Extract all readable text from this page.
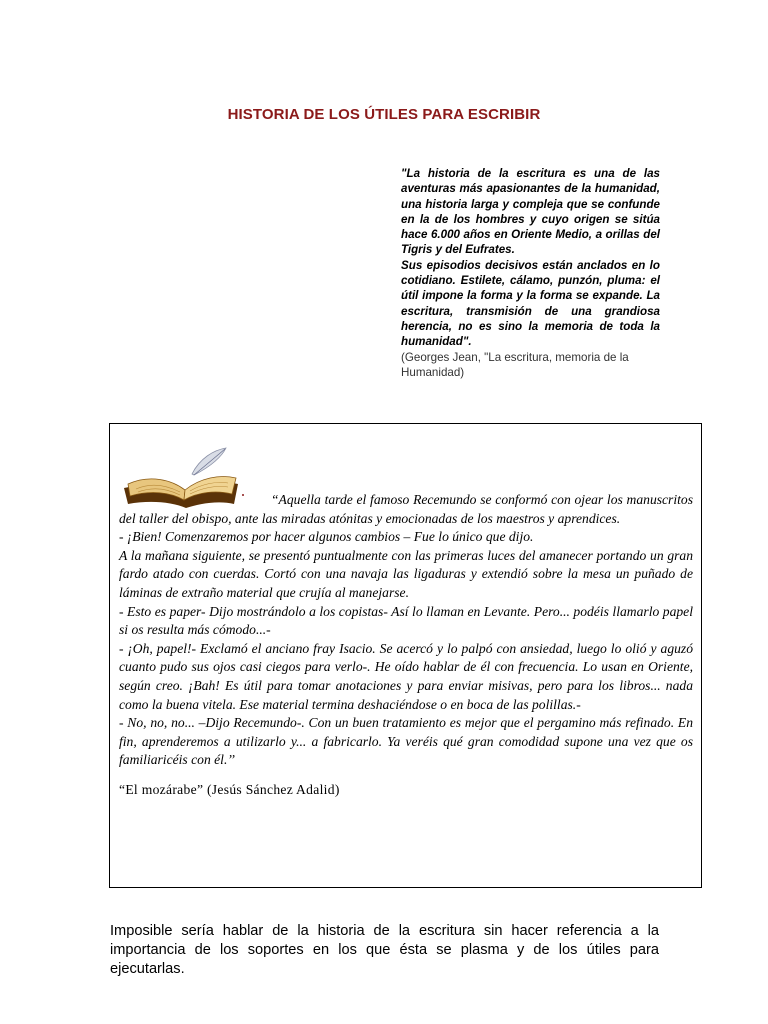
HISTORIA DE LOS ÚTILES PARA ESCRIBIR

"La historia de la escritura es una de las aventuras más apasionantes de la humanidad, una historia larga y compleja que se confunde en la de los hombres y cuyo origen se sitúa hace 6.000 años en Oriente Medio, a orillas del Tigris y del Eufrates.

Sus episodios decisivos están anclados en lo cotidiano. Estilete, cálamo, punzón, pluma: el útil impone la forma y la forma se expande. La escritura, transmisión de una grandiosa herencia, no es sino la memoria de toda la humanidad".

(Georges Jean, "La escritura, memoria de la Humanidad)

“Aquella tarde el famoso Recemundo se conformó con ojear los manuscritos del taller del obispo, ante las miradas atónitas y emocionadas de los maestros y aprendices.

- ¡Bien! Comenzaremos por hacer algunos cambios – Fue lo único que dijo.

A la mañana siguiente, se presentó puntualmente con las primeras luces del amanecer portando un gran fardo atado con cuerdas. Cortó con una navaja las ligaduras y extendió sobre la mesa un puñado de láminas de extraño material que crujía al manejarse.

- Esto es paper- Dijo mostrándolo a los copistas- Así lo llaman en Levante. Pero... podéis llamarlo papel si os resulta más cómodo...-

- ¡Oh, papel!- Exclamó el anciano fray Isacio. Se acercó y lo palpó con ansiedad, luego lo olió y aguzó cuanto pudo sus ojos casi ciegos para verlo-. He oído hablar de él con frecuencia. Lo usan en Oriente, según creo. ¡Bah! Es útil para tomar anotaciones y para enviar misivas, pero para los libros... nada como la buena vitela. Ese material termina deshaciéndose o en boca de las polillas.-

- No, no, no... –Dijo Recemundo-. Con un buen tratamiento es mejor que el pergamino más refinado. En fin, aprenderemos a utilizarlo y... a fabricarlo. Ya veréis qué gran comodidad supone una vez que os familiaricéis con él.’’

“El mozárabe” (Jesús Sánchez Adalid)

Imposible sería hablar de la historia de la escritura sin hacer referencia a la importancia de los soportes en los que ésta se plasma y de los útiles para ejecutarlas.
